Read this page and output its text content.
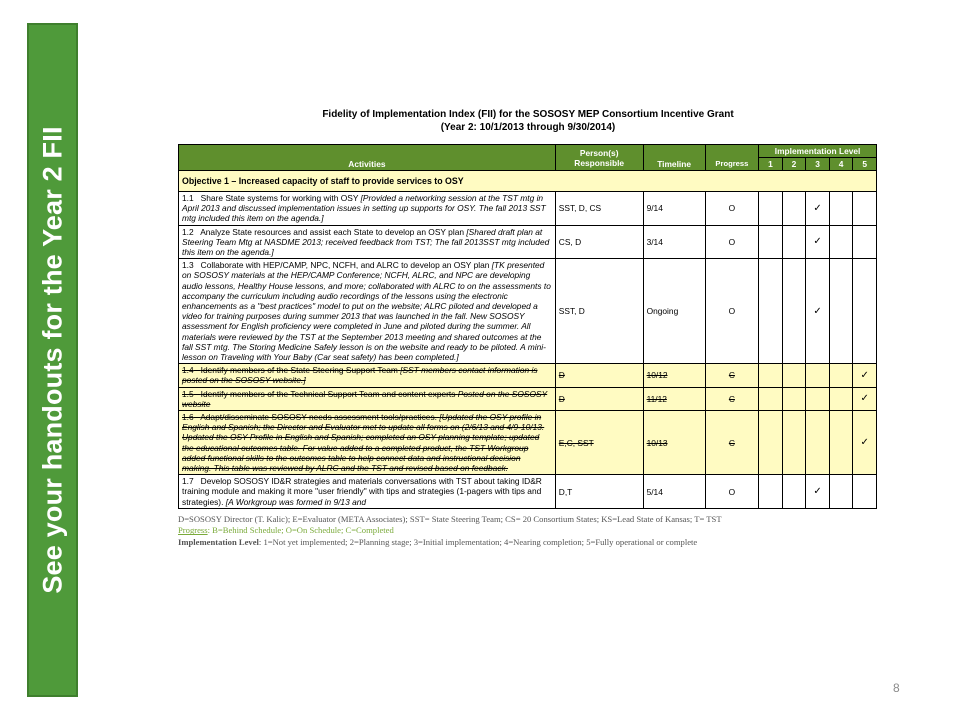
See your handouts for the Year 2 FII
Fidelity of Implementation Index (FII) for the SOSOSY MEP Consortium Incentive Grant
(Year 2: 10/1/2013 through 9/30/2014)
Activities	Person(s) Responsible	Timeline	Progress	Implementation Level				
				1	2	3	4	5
Objective 1 – Increased capacity of staff to provide services to OSY								
1.1 Share State systems for working with OSY [Provided a networking session at the TST mtg in April 2013 and discussed implementation issues in setting up supports for OSY. The fall 2013 SST mtg included this item on the agenda.]	SST, D, CS	9/14	O			✓		
1.2 Analyze State resources and assist each State to develop an OSY plan [Shared draft plan at Steering Team Mtg at NASDME 2013; received feedback from TST; The fall 2013SST mtg included this item on the agenda.]	CS, D	3/14	O			✓		
1.3 Collaborate with HEP/CAMP, NPC, NCFH, and ALRC to develop an OSY plan [TK presented on SOSOSY materials at the HEP/CAMP Conference; NCFH, ALRC, and NPC are developing audio lessons, Healthy House lessons, and more; collaborated with ALRC to on the assessments to accompany the curriculum including audio recordings of the lessons using the electronic enhancements as a "best practices" model to put on the website; ALRC piloted and developed a video for training purposes during summer 2013 that was launched in the fall. New SOSOSY assessment for English proficiency were completed in June and piloted during the summer. All materials were reviewed by the TST at the September 2013 meeting and shared outcomes at the fall SST mtg. The Storing Medicine Safely lesson is on the website and ready to be piloted. A mini-lesson on Traveling with Your Baby (Car seat safety) has been completed.]	SST, D	Ongoing	O			✓		
1.4 Identify members of the State Steering Support Team [SST members contact information is posted on the SOSOSY website.]	D	10/12	C					✓
1.5 Identify members of the Technical Support Team and content experts Posted on the SOSOSY website	D	11/12	C					✓
1.6 Adapt/disseminate SOSOSY needs assessment tools/practices. [Updated the OSY profile in English and Spanish; the Director and Evaluator met to update all forms on (2/6/13 and 4/9-10/13. Updated the OSY Profile in English and Spanish; completed an OSY planning template; updated the educational outcomes table. For value added to a completed product, the TST Workgroup added functional skills to the outcomes table to help connect data and instructional decision making. This table was reviewed by ALRC and the TST and revised based on feedback.	E,C, SST	10/13	C					✓
1.7 Develop SOSOSY ID&R strategies and materials conversations with TST about taking ID&R training module and making it more "user friendly" with tips and strategies (1-pagers with tips and strategies). [A Workgroup was formed in 9/13 and	D,T	5/14	O			✓		
D=SOSOSY Director (T. Kalic); E=Evaluator (META Associates); SST= State Steering Team; CS= 20 Consortium States; KS=Lead State of Kansas; T= TST
Progress: B=Behind Schedule; O=On Schedule; C=Completed
Implementation Level: 1=Not yet implemented; 2=Planning stage; 3=Initial implementation; 4=Nearing completion; 5=Fully operational or complete
8
